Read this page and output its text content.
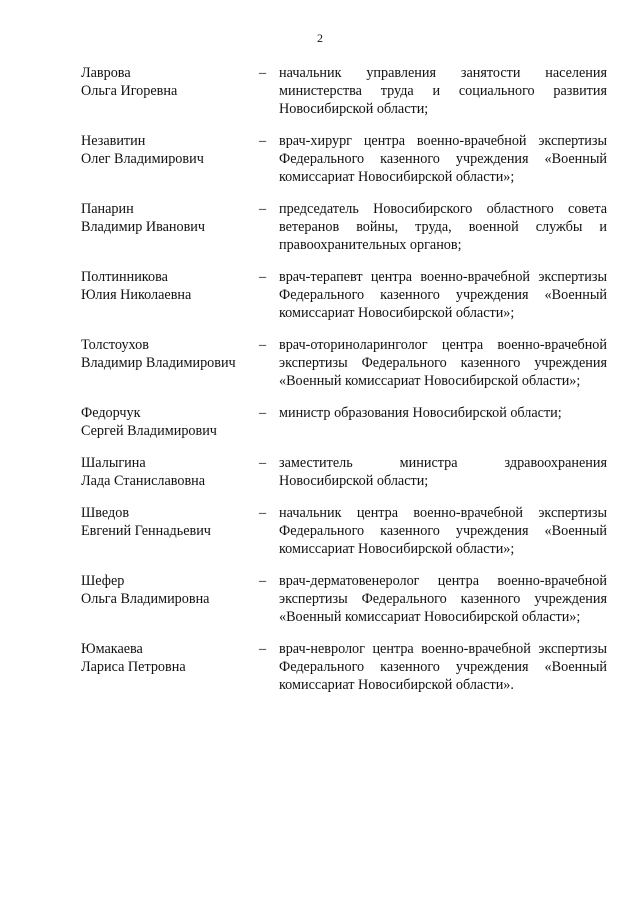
2
Лаврова
Ольга Игоревна
– начальник управления занятости населения министерства труда и социального развития Новосибирской области;
Незавитин
Олег Владимирович
– врач-хирург центра военно-врачебной экспертизы Федерального казенного учреждения «Военный комиссариат Новосибирской области»;
Панарин
Владимир Иванович
– председатель Новосибирского областного совета ветеранов войны, труда, военной службы и правоохранительных органов;
Полтинникова
Юлия Николаевна
– врач-терапевт центра военно-врачебной экспертизы Федерального казенного учреждения «Военный комиссариат Новосибирской области»;
Толстоухов
Владимир Владимирович
– врач-оториноларинголог центра военно-врачебной экспертизы Федерального казенного учреждения «Военный комиссариат Новосибирской области»;
Федорчук
Сергей Владимирович
– министр образования Новосибирской области;
Шалыгина
Лада Станиславовна
– заместитель министра здравоохранения Новосибирской области;
Шведов
Евгений Геннадьевич
– начальник центра военно-врачебной экспертизы Федерального казенного учреждения «Военный комиссариат Новосибирской области»;
Шефер
Ольга Владимировна
– врач-дерматовенеролог центра военно-врачебной экспертизы Федерального казенного учреждения «Военный комиссариат Новосибирской области»;
Юмакаева
Лариса Петровна
– врач-невролог центра военно-врачебной экспертизы Федерального казенного учреждения «Военный комиссариат Новосибирской области».
